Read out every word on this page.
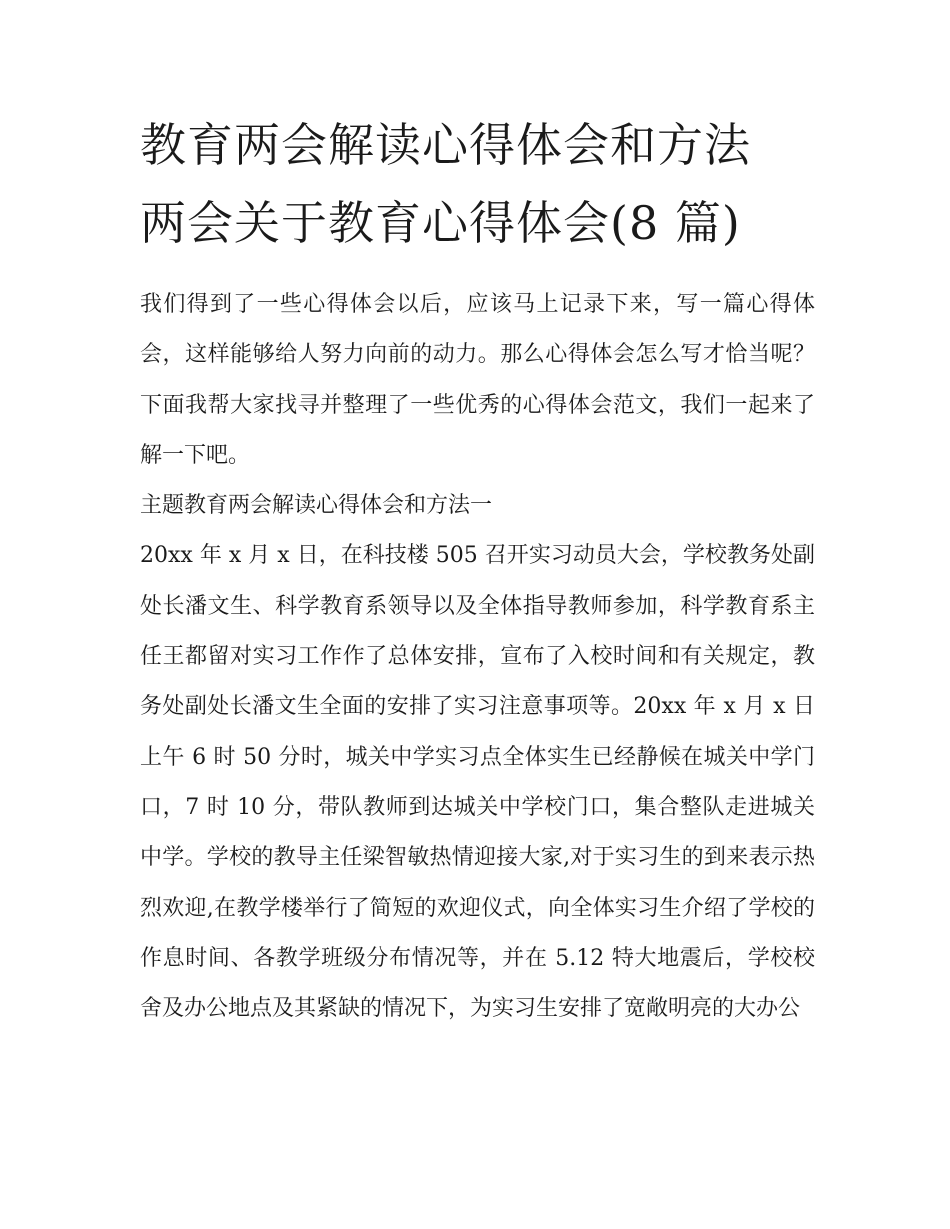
教育两会解读心得体会和方法
两会关于教育心得体会(8 篇)

我们得到了一些心得体会以后，应该马上记录下来，写一篇心得体会，这样能够给人努力向前的动力。那么心得体会怎么写才恰当呢？下面我帮大家找寻并整理了一些优秀的心得体会范文，我们一起来了解一下吧。

主题教育两会解读心得体会和方法一

20xx 年 x 月 x 日，在科技楼 505 召开实习动员大会，学校教务处副处长潘文生、科学教育系领导以及全体指导教师参加，科学教育系主任王都留对实习工作作了总体安排，宣布了入校时间和有关规定，教务处副处长潘文生全面的安排了实习注意事项等。20xx 年 x 月 x 日上午 6 时 50 分时，城关中学实习点全体实生已经静候在城关中学门口，7 时 10 分，带队教师到达城关中学校门口，集合整队走进城关中学。学校的教导主任梁智敏热情迎接大家,对于实习生的到来表示热烈欢迎,在教学楼举行了简短的欢迎仪式，向全体实习生介绍了学校的作息时间、各教学班级分布情况等，并在 5.12 特大地震后，学校校舍及办公地点及其紧缺的情况下，为实习生安排了宽敞明亮的大办公
